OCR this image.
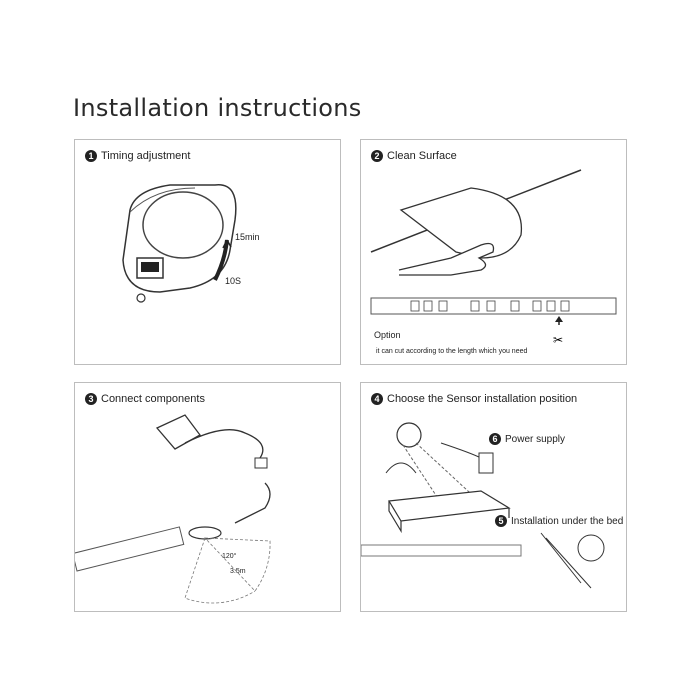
Installation instructions
1 Timing adjustment
15min
10S
2 Clean Surface
✂
Option
it can cut according to the length which you need
3 Connect components
120°
3.5m
4 Choose the Sensor installation position
6 Power supply
5 Installation under the bed
